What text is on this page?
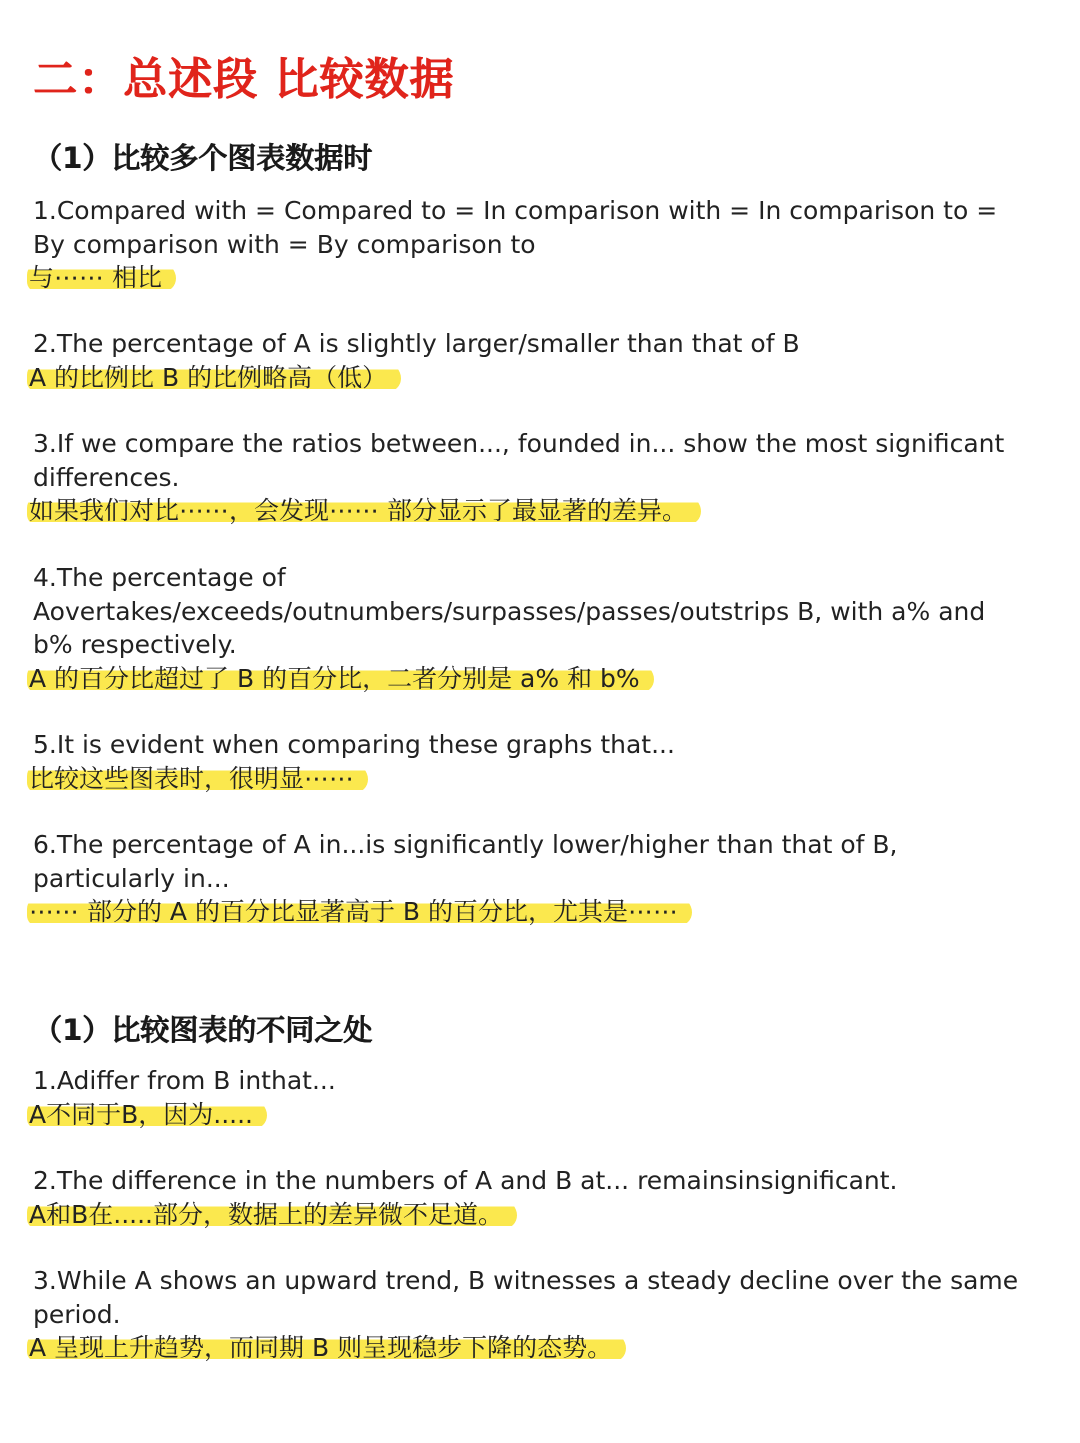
二：总述段 比较数据
（1）比较多个图表数据时

1.Compared with = Compared to = In comparison with = In comparison to =
By comparison with = By comparison to

与⋯⋯ 相比

2.The percentage of A is slightly larger/smaller than that of B

A 的比例比 B 的比例略高（低）

3.If we compare the ratios between..., founded in... show the most significant
differences.

如果我们对比⋯⋯，会发现⋯⋯ 部分显示了最显著的差异。

4.The percentage of
Aovertakes/exceeds/outnumbers/surpasses/passes/outstrips B, with a% and
b% respectively.

A 的百分比超过了 B 的百分比，二者分别是 a% 和 b%

5.It is evident when comparing these graphs that...

比较这些图表时，很明显⋯⋯

6.The percentage of A in...is significantly lower/higher than that of B,
particularly in...

⋯⋯ 部分的 A 的百分比显著高于 B 的百分比，尤其是⋯⋯
（1）比较图表的不同之处

1.Adiffer from B inthat...

A不同于B，因为.....

2.The difference in the numbers of A and B at... remainsinsignificant.

A和B在.....部分，数据上的差异微不足道。

3.While A shows an upward trend, B witnesses a steady decline over the same
period.

A 呈现上升趋势，而同期 B 则呈现稳步下降的态势。
